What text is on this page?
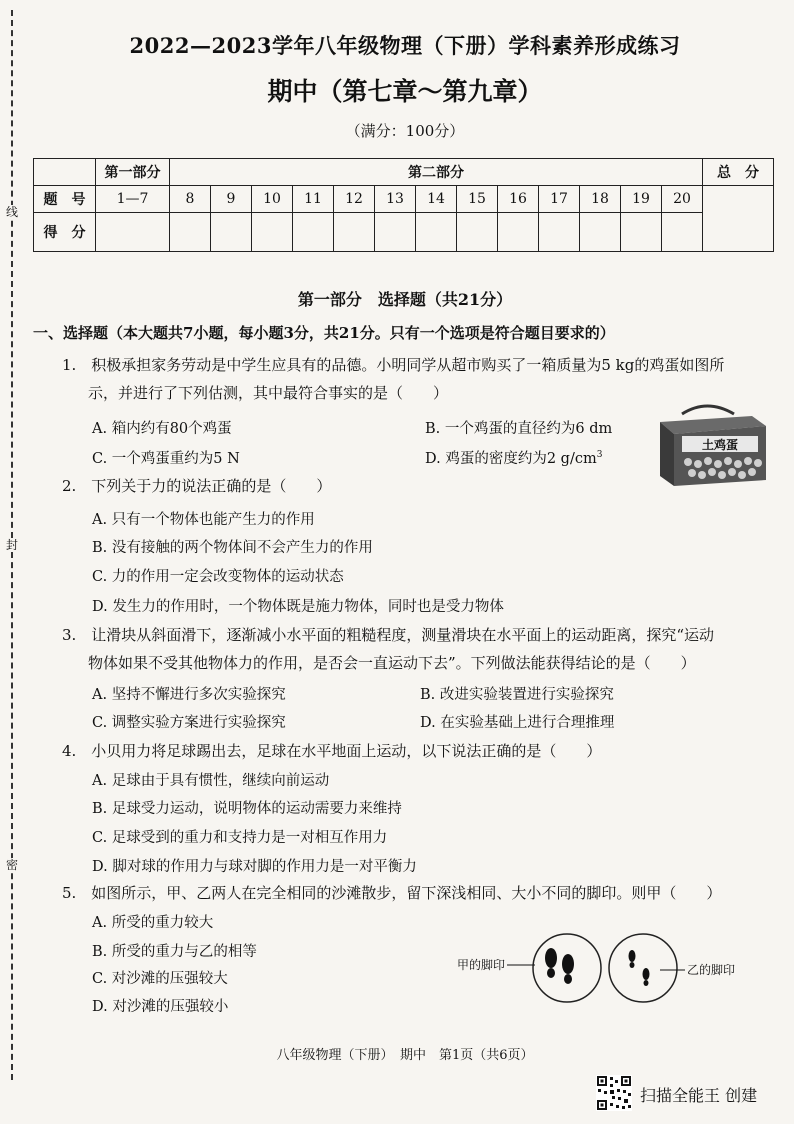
线
封
密
2022—2023学年八年级物理（下册）学科素养形成练习
期中（第七章～第九章）
（满分：100分）
	第一部分	第二部分													总　分
题　号	1—7	8	9	10	11	12	13	14	15	16	17	18	19	20	
得　分															
第一部分　选择题（共21分）
一、选择题（本大题共7小题，每小题3分，共21分。只有一个选项是符合题目要求的）
1.　积极承担家务劳动是中学生应具有的品德。小明同学从超市购买了一箱质量为5 kg的鸡蛋如图所
示，并进行了下列估测，其中最符合事实的是（　　）
A. 箱内约有80个鸡蛋	B. 一个鸡蛋的直径约为6 dm
C. 一个鸡蛋重约为5 N	D. 鸡蛋的密度约为2 $g/cm^3$
土鸡蛋
2.　下列关于力的说法正确的是（　　）
A. 只有一个物体也能产生力的作用
B. 没有接触的两个物体间不会产生力的作用
C. 力的作用一定会改变物体的运动状态
D. 发生力的作用时，一个物体既是施力物体，同时也是受力物体
3.　让滑块从斜面滑下，逐渐减小水平面的粗糙程度，测量滑块在水平面上的运动距离，探究“运动
物体如果不受其他物体力的作用，是否会一直运动下去”。下列做法能获得结论的是（　　）
A. 坚持不懈进行多次实验探究	B. 改进实验装置进行实验探究
C. 调整实验方案进行实验探究	D. 在实验基础上进行合理推理
4.　小贝用力将足球踢出去，足球在水平地面上运动，以下说法正确的是（　　）
A. 足球由于具有惯性，继续向前运动
B. 足球受力运动，说明物体的运动需要力来维持
C. 足球受到的重力和支持力是一对相互作用力
D. 脚对球的作用力与球对脚的作用力是一对平衡力
5.　如图所示，甲、乙两人在完全相同的沙滩散步，留下深浅相同、大小不同的脚印。则甲（　　）
A. 所受的重力较大
B. 所受的重力与乙的相等
C. 对沙滩的压强较大
D. 对沙滩的压强较小
甲的脚印	乙的脚印
八年级物理（下册）　期中　第1页（共6页）
扫描全能王 创建
